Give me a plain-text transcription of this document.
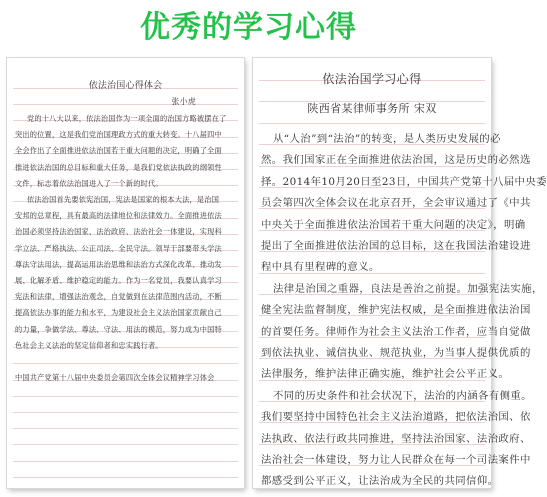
优秀的学习心得
依法治国心得体会
张小虎
党的十八大以来，依法治国作为一项全面的治国方略被摆在了
突出的位置，这是我们党治国理政方式的重大转变。十八届四中
全会作出了全面推进依法治国若干重大问题的决定，明确了全面
推进依法治国的总目标和重大任务，是我们党依法执政的纲领性
文件，标志着依法治国进入了一个新的时代。
依法治国首先要依宪治国，宪法是国家的根本大法，是治国
安邦的总章程，具有最高的法律地位和法律效力。全面推进依法
治国必须坚持法治国家、法治政府、法治社会一体建设，实现科
学立法、严格执法、公正司法、全民守法。领导干部要带头学法
尊法守法用法，提高运用法治思维和法治方式深化改革、推动发
展、化解矛盾、维护稳定的能力。作为一名党员，我要认真学习
宪法和法律，增强法治观念，自觉做到在法律范围内活动，不断
提高依法办事的能力和水平，为建设社会主义法治国家贡献自己
的力量，争做学法、尊法、守法、用法的模范，努力成为中国特
色社会主义法治的坚定信仰者和忠实践行者。
中国共产党第十八届中央委员会第四次全体会议精神学习体会
依法治国学习心得
陕西省某律师事务所 宋双
从“人治”到“法治”的转变，是人类历史发展的必
然。我们国家正在全面推进依法治国，这是历史的必然选
择。2014年10月20日至23日，中国共产党第十八届中央委
员会第四次全体会议在北京召开，全会审议通过了《中共
中央关于全面推进依法治国若干重大问题的决定》，明确
提出了全面推进依法治国的总目标，这在我国法治建设进
程中具有里程碑的意义。
法律是治国之重器，良法是善治之前提。加强宪法实施，
健全宪法监督制度，维护宪法权威，是全面推进依法治国
的首要任务。律师作为社会主义法治工作者，应当自觉做
到依法执业、诚信执业、规范执业，为当事人提供优质的
法律服务，维护法律正确实施，维护社会公平正义。
不同的历史条件和社会状况下，法治的内涵各有侧重。
我们要坚持中国特色社会主义法治道路，把依法治国、依
法执政、依法行政共同推进，坚持法治国家、法治政府、
法治社会一体建设，努力让人民群众在每一个司法案件中
都感受到公平正义，让法治成为全民的共同信仰。
